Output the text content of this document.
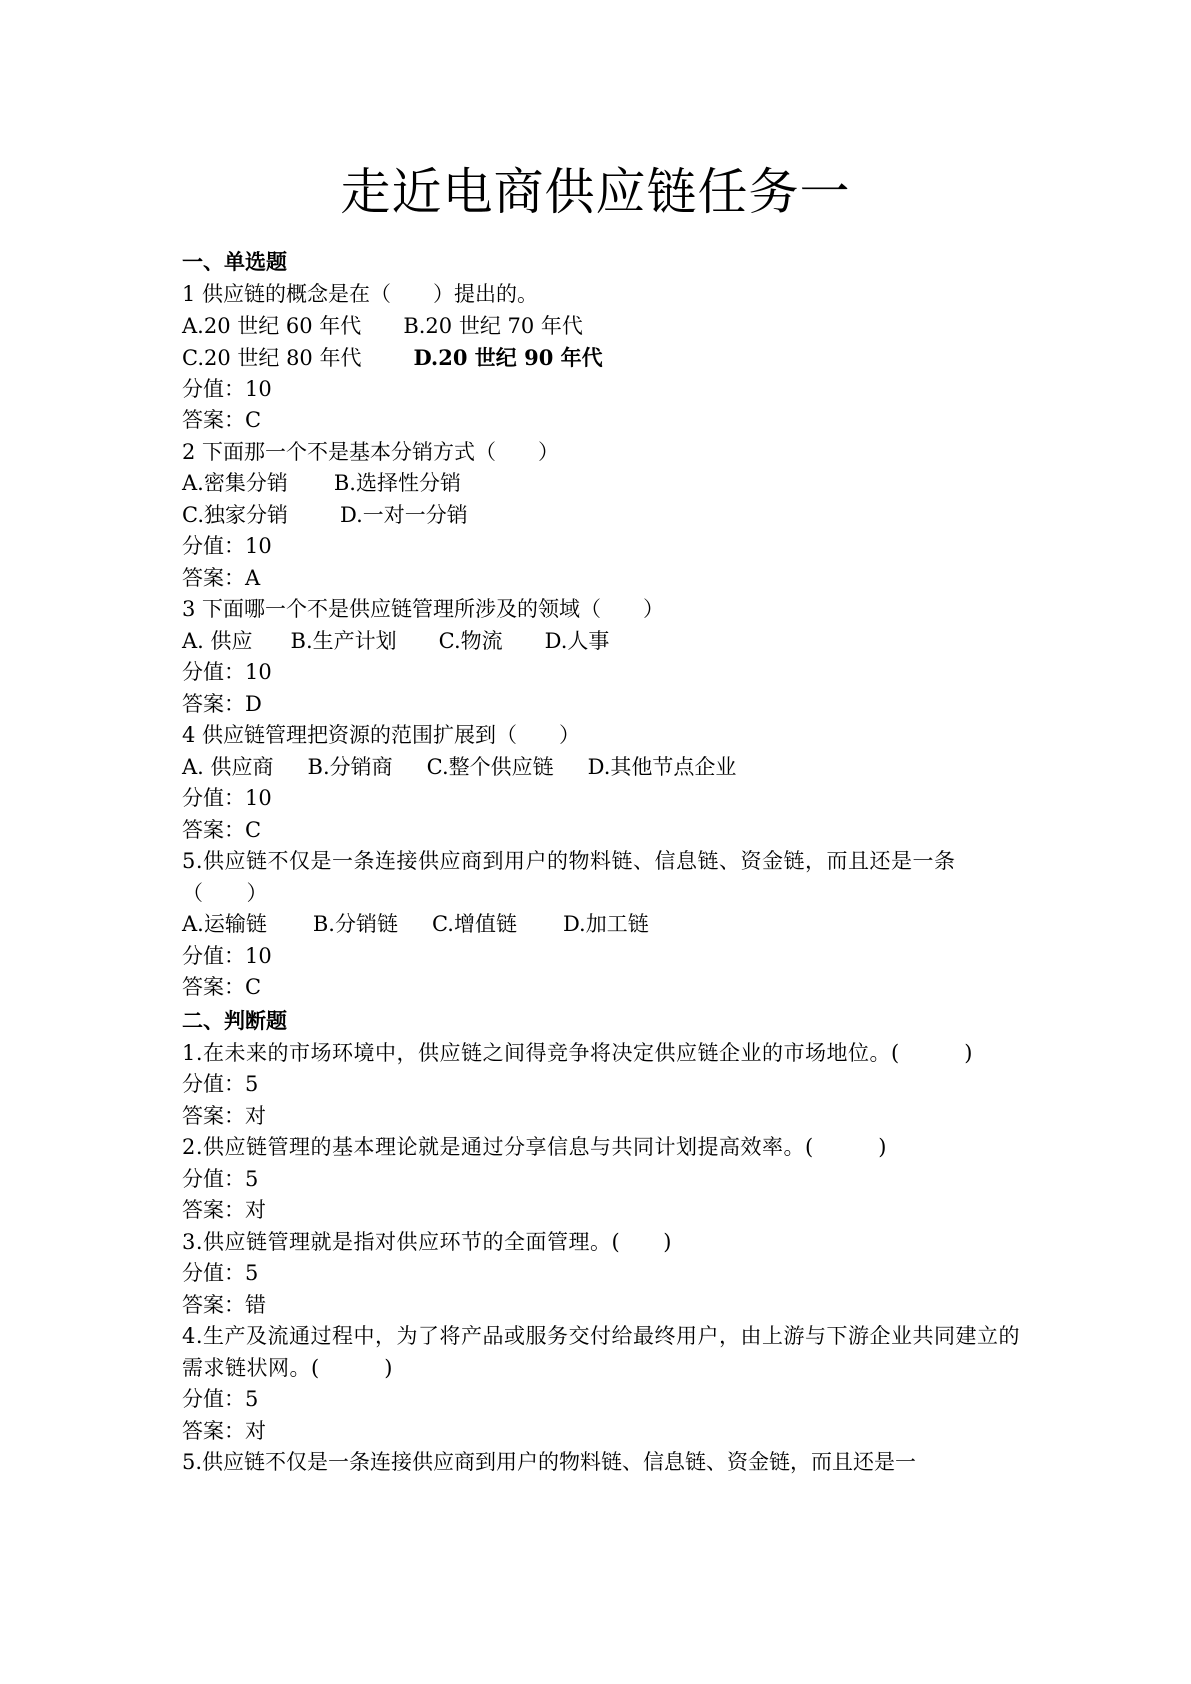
走近电商供应链任务一
一、单选题
1 供应链的概念是在（　　）提出的。
A.20 世纪 60 年代 B.20 世纪 70 年代
C.20 世纪 80 年代 D.20 世纪 90 年代
分值：10
答案：C
2 下面那一个不是基本分销方式（　　）
A.密集分销 B.选择性分销
C.独家分销 D.一对一分销
分值：10
答案：A
3 下面哪一个不是供应链管理所涉及的领域（　　）
A. 供应 B.生产计划 C.物流 D.人事
分值：10
答案：D
4 供应链管理把资源的范围扩展到（　　）
A. 供应商 B.分销商 C.整个供应链 D.其他节点企业
分值：10
答案：C
5.供应链不仅是一条连接供应商到用户的物料链、信息链、资金链，而且还是一条（　　）
A.运输链 B.分销链 C.增值链 D.加工链
分值：10
答案：C
二、判断题
1.在未来的市场环境中，供应链之间得竞争将决定供应链企业的市场地位。(　　　)
分值：5
答案：对
2.供应链管理的基本理论就是通过分享信息与共同计划提高效率。(　　　)
分值：5
答案：对
3.供应链管理就是指对供应环节的全面管理。(　　)
分值：5
答案：错
4.生产及流通过程中，为了将产品或服务交付给最终用户，由上游与下游企业共同建立的需求链状网。(　　　)
分值：5
答案：对
5.供应链不仅是一条连接供应商到用户的物料链、信息链、资金链，而且还是一
